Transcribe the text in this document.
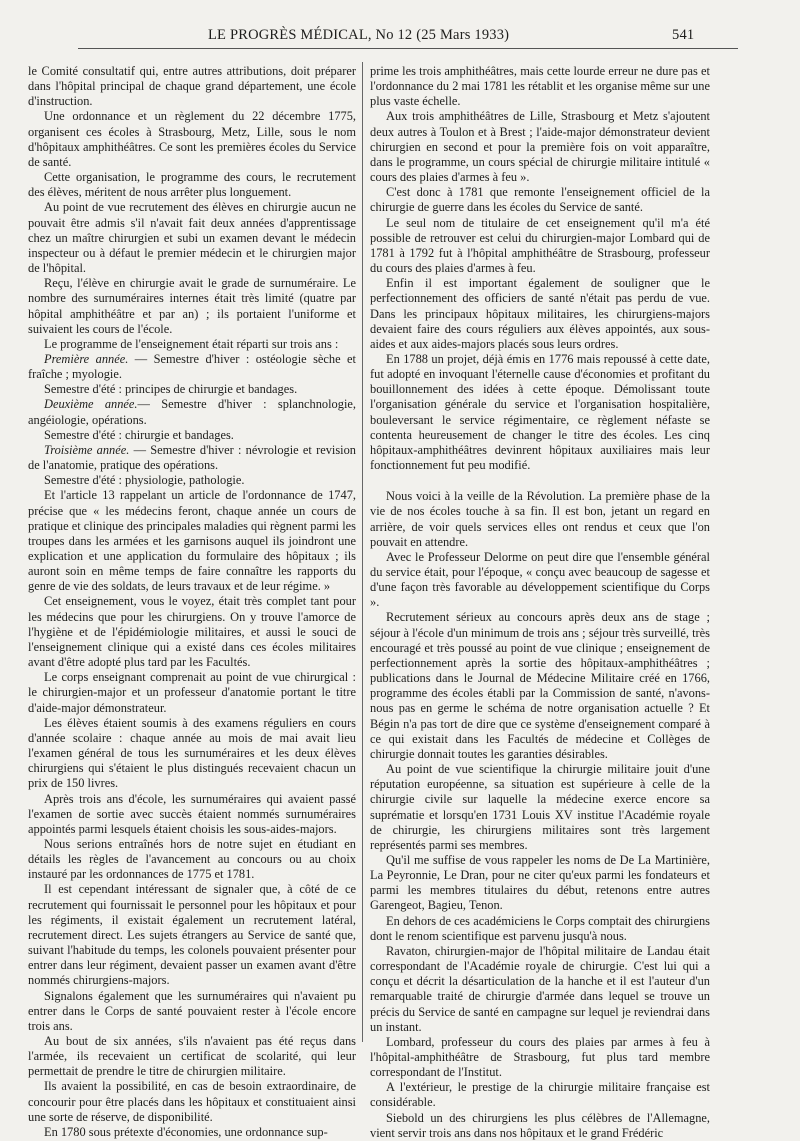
LE PROGRÈS MÉDICAL, No 12 (25 Mars 1933)	541

le Comité consultatif qui, entre autres attributions, doit préparer dans l'hôpital principal de chaque grand département, une école d'instruction.

Une ordonnance et un règlement du 22 décembre 1775, organisent ces écoles à Strasbourg, Metz, Lille, sous le nom d'hôpitaux amphithéâtres. Ce sont les premières écoles du Service de santé.

Cette organisation, le programme des cours, le recrutement des élèves, méritent de nous arrêter plus longuement.

Au point de vue recrutement des élèves en chirurgie aucun ne pouvait être admis s'il n'avait fait deux années d'apprentissage chez un maître chirurgien et subi un examen devant le médecin inspecteur ou à défaut le premier médecin et le chirurgien major de l'hôpital.

Reçu, l'élève en chirurgie avait le grade de surnuméraire. Le nombre des surnuméraires internes était très limité (quatre par hôpital amphithéâtre et par an) ; ils portaient l'uniforme et suivaient les cours de l'école.

Le programme de l'enseignement était réparti sur trois ans :

Première année. — Semestre d'hiver : ostéologie sèche et fraîche ; myologie.

Semestre d'été : principes de chirurgie et bandages.

Deuxième année.— Semestre d'hiver : splanchnologie, angéiologie, opérations.

Semestre d'été : chirurgie et bandages.

Troisième année. — Semestre d'hiver : névrologie et revision de l'anatomie, pratique des opérations.

Semestre d'été : physiologie, pathologie.

Et l'article 13 rappelant un article de l'ordonnance de 1747, précise que « les médecins feront, chaque année un cours de pratique et clinique des principales maladies qui règnent parmi les troupes dans les armées et les garnisons auquel ils joindront une explication et une application du formulaire des hôpitaux ; ils auront soin en même temps de faire connaître les rapports du genre de vie des soldats, de leurs travaux et de leur régime. »

Cet enseignement, vous le voyez, était très complet tant pour les médecins que pour les chirurgiens. On y trouve l'amorce de l'hygiène et de l'épidémiologie militaires, et aussi le souci de l'enseignement clinique qui a existé dans ces écoles militaires avant d'être adopté plus tard par les Facultés.

Le corps enseignant comprenait au point de vue chirurgical : le chirurgien-major et un professeur d'anatomie portant le titre d'aide-major démonstrateur.

Les élèves étaient soumis à des examens réguliers en cours d'année scolaire : chaque année au mois de mai avait lieu l'examen général de tous les surnuméraires et les deux élèves chirurgiens qui s'étaient le plus distingués recevaient chacun un prix de 150 livres.

Après trois ans d'école, les surnuméraires qui avaient passé l'examen de sortie avec succès étaient nommés surnuméraires appointés parmi lesquels étaient choisis les sous-aides-majors.

Nous serions entraînés hors de notre sujet en étudiant en détails les règles de l'avancement au concours ou au choix instauré par les ordonnances de 1775 et 1781.

Il est cependant intéressant de signaler que, à côté de ce recrutement qui fournissait le personnel pour les hôpitaux et pour les régiments, il existait également un recrutement latéral, recrutement direct. Les sujets étrangers au Service de santé que, suivant l'habitude du temps, les colonels pouvaient présenter pour entrer dans leur régiment, devaient passer un examen avant d'être nommés chirurgiens-majors.

Signalons également que les surnuméraires qui n'avaient pu entrer dans le Corps de santé pouvaient rester à l'école encore trois ans.

Au bout de six années, s'ils n'avaient pas été reçus dans l'armée, ils recevaient un certificat de scolarité, qui leur permettait de prendre le titre de chirurgien militaire.

Ils avaient la possibilité, en cas de besoin extraordinaire, de concourir pour être placés dans les hôpitaux et constituaient ainsi une sorte de réserve, de disponibilité.

En 1780 sous prétexte d'économies, une ordonnance sup-

prime les trois amphithéâtres, mais cette lourde erreur ne dure pas et l'ordonnance du 2 mai 1781 les rétablit et les organise même sur une plus vaste échelle.

Aux trois amphithéâtres de Lille, Strasbourg et Metz s'ajoutent deux autres à Toulon et à Brest ; l'aide-major démonstrateur devient chirurgien en second et pour la première fois on voit apparaître, dans le programme, un cours spécial de chirurgie militaire intitulé « cours des plaies d'armes à feu ».

C'est donc à 1781 que remonte l'enseignement officiel de la chirurgie de guerre dans les écoles du Service de santé.

Le seul nom de titulaire de cet enseignement qu'il m'a été possible de retrouver est celui du chirurgien-major Lombard qui de 1781 à 1792 fut à l'hôpital amphithéâtre de Strasbourg, professeur du cours des plaies d'armes à feu.

Enfin il est important également de souligner que le perfectionnement des officiers de santé n'était pas perdu de vue. Dans les principaux hôpitaux militaires, les chirurgiens-majors devaient faire des cours réguliers aux élèves appointés, aux sous-aides et aux aides-majors placés sous leurs ordres.

En 1788 un projet, déjà émis en 1776 mais repoussé à cette date, fut adopté en invoquant l'éternelle cause d'économies et profitant du bouillonnement des idées à cette époque. Démolissant toute l'organisation générale du service et l'organisation hospitalière, bouleversant le service régimentaire, ce règlement néfaste se contenta heureusement de changer le titre des écoles. Les cinq hôpitaux-amphithéâtres devinrent hôpitaux auxiliaires mais leur fonctionnement fut peu modifié.

Nous voici à la veille de la Révolution. La première phase de la vie de nos écoles touche à sa fin. Il est bon, jetant un regard en arrière, de voir quels services elles ont rendus et ceux que l'on pouvait en attendre.

Avec le Professeur Delorme on peut dire que l'ensemble général du service était, pour l'époque, « conçu avec beaucoup de sagesse et d'une façon très favorable au développement scientifique du Corps ».

Recrutement sérieux au concours après deux ans de stage ; séjour à l'école d'un minimum de trois ans ; séjour très surveillé, très encouragé et très poussé au point de vue clinique ; enseignement de perfectionnement après la sortie des hôpitaux-amphithéâtres ; publications dans le Journal de Médecine Militaire créé en 1766, programme des écoles établi par la Commission de santé, n'avons-nous pas en germe le schéma de notre organisation actuelle ? Et Bégin n'a pas tort de dire que ce système d'enseignement comparé à ce qui existait dans les Facultés de médecine et Collèges de chirurgie donnait toutes les garanties désirables.

Au point de vue scientifique la chirurgie militaire jouit d'une réputation européenne, sa situation est supérieure à celle de la chirurgie civile sur laquelle la médecine exerce encore sa suprématie et lorsqu'en 1731 Louis XV institue l'Académie royale de chirurgie, les chirurgiens militaires sont très largement représentés parmi ses membres.

Qu'il me suffise de vous rappeler les noms de De La Martinière, La Peyronnie, Le Dran, pour ne citer qu'eux parmi les fondateurs et parmi les membres titulaires du début, retenons entre autres Garengeot, Bagieu, Tenon.

En dehors de ces académiciens le Corps comptait des chirurgiens dont le renom scientifique est parvenu jusqu'à nous.

Ravaton, chirurgien-major de l'hôpital militaire de Landau était correspondant de l'Académie royale de chirurgie. C'est lui qui a conçu et décrit la désarticulation de la hanche et il est l'auteur d'un remarquable traité de chirurgie d'armée dans lequel se trouve un précis du Service de santé en campagne sur lequel je reviendrai dans un instant.

Lombard, professeur du cours des plaies par armes à feu à l'hôpital-amphithéâtre de Strasbourg, fut plus tard membre correspondant de l'Institut.

A l'extérieur, le prestige de la chirurgie militaire française est considérable.

Siebold un des chirurgiens les plus célèbres de l'Allemagne, vient servir trois ans dans nos hôpitaux et le grand Frédéric
